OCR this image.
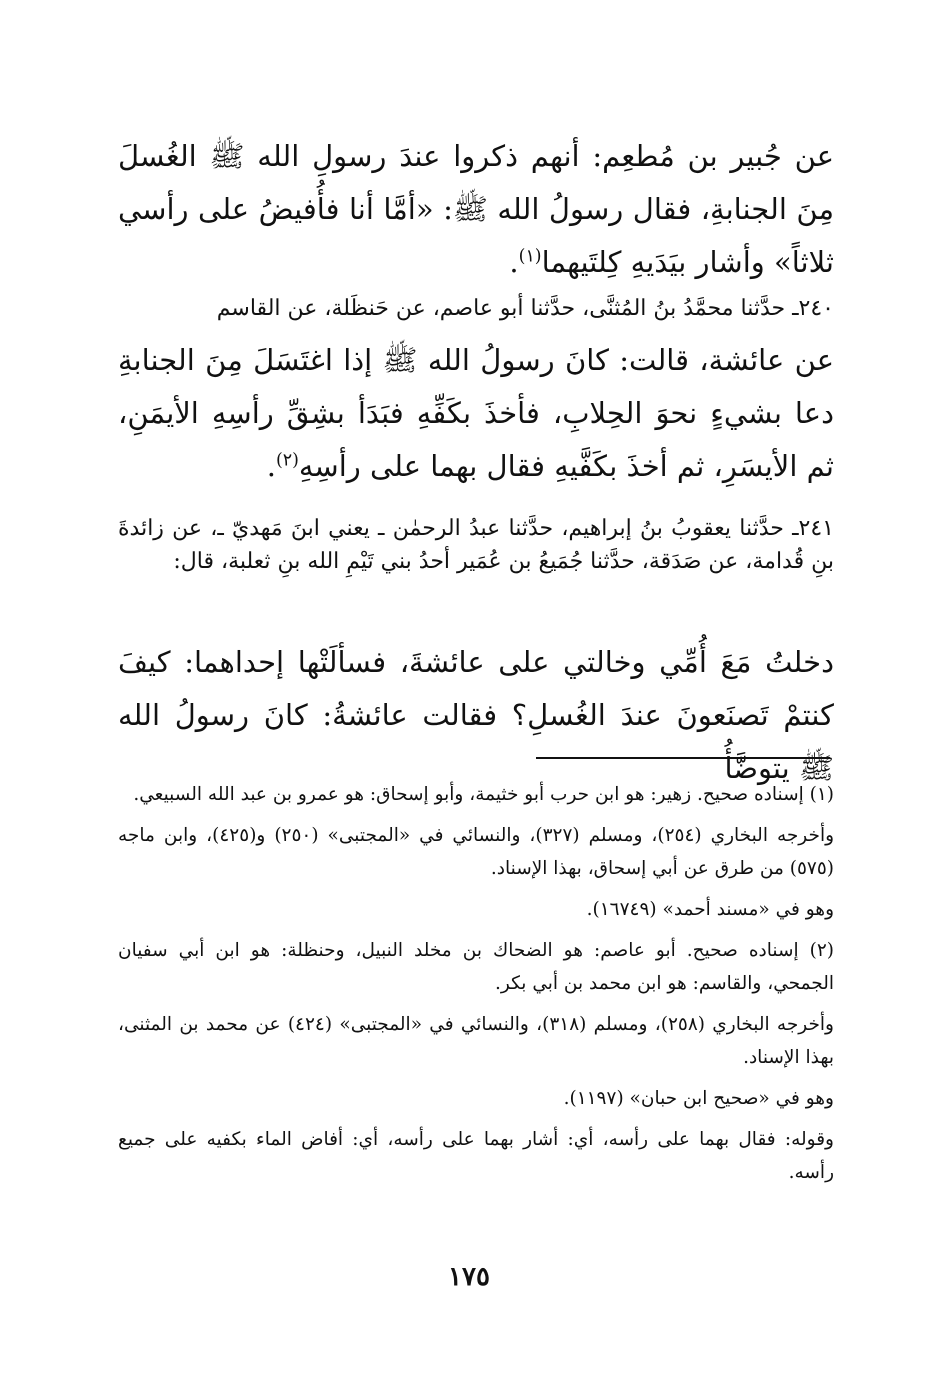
عن جُبير بن مُطعِم: أنهم ذكروا عندَ رسولِ الله ﷺ الغُسلَ مِنَ الجنابةِ، فقال رسولُ الله ﷺ: «أمَّا أنا فأُفيضُ على رأسي ثلاثاً» وأشار بيَدَيهِ كِلتَيهما$^{(١)}$.

٢٤٠ـ حدَّثنا محمَّدُ بنُ المُثنَّى، حدَّثنا أبو عاصم، عن حَنظَلة، عن القاسم

عن عائشة، قالت: كانَ رسولُ الله ﷺ إذا اغتَسَلَ مِنَ الجنابةِ دعا بشيءٍ نحوَ الحِلابِ، فأخذَ بكَفِّهِ فبَدَأ بشِقِّ رأسِهِ الأيمَنِ، ثم الأيسَرِ، ثم أخذَ بكَفَّيهِ فقال بهما على رأسِهِ$^{(٢)}$.

٢٤١ـ حدَّثنا يعقوبُ بنُ إبراهيم، حدَّثنا عبدُ الرحمٰن ـ يعني ابنَ مَهديّ ـ، عن زائدةَ بنِ قُدامة، عن صَدَقة، حدَّثنا جُمَيعُ بن عُمَير أحدُ بني تَيْمِ الله بنِ ثعلبة، قال:

دخلتُ مَعَ أُمِّي وخالتي على عائشةَ، فسألَتْها إحداهما: كيفَ كنتمْ تَصنَعونَ عندَ الغُسلِ؟ فقالت عائشةُ: كانَ رسولُ الله ﷺ يتوضَّأُ

(١) إسناده صحيح. زهير: هو ابن حرب أبو خثيمة، وأبو إسحاق: هو عمرو بن عبد الله السبيعي.

وأخرجه البخاري (٢٥٤)، ومسلم (٣٢٧)، والنسائي في «المجتبى» (٢٥٠) و(٤٢٥)، وابن ماجه (٥٧٥) من طرق عن أبي إسحاق، بهذا الإسناد.

وهو في «مسند أحمد» (١٦٧٤٩).

(٢) إسناده صحيح. أبو عاصم: هو الضحاك بن مخلد النبيل، وحنظلة: هو ابن أبي سفيان الجمحي، والقاسم: هو ابن محمد بن أبي بكر.

وأخرجه البخاري (٢٥٨)، ومسلم (٣١٨)، والنسائي في «المجتبى» (٤٢٤) عن محمد بن المثنى، بهذا الإسناد.

وهو في «صحيح ابن حبان» (١١٩٧).

وقوله: فقال بهما على رأسه، أي: أشار بهما على رأسه، أي: أفاض الماء بكفيه على جميع رأسه.

١٧٥
